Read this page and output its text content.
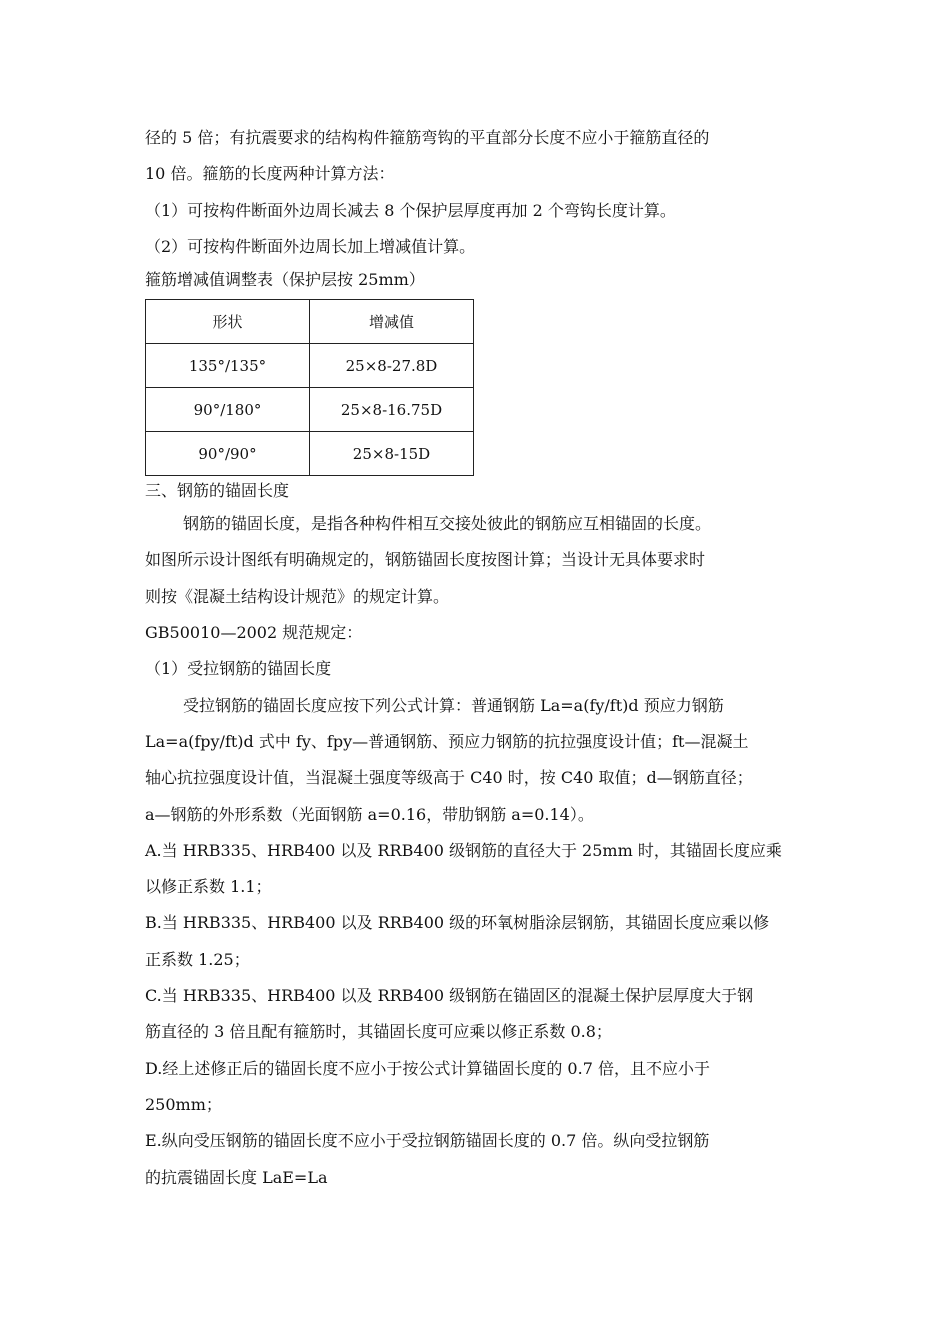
径的 5 倍；有抗震要求的结构构件箍筋弯钩的平直部分长度不应小于箍筋直径的
10 倍。箍筋的长度两种计算方法：
（1）可按构件断面外边周长减去 8 个保护层厚度再加 2 个弯钩长度计算。
（2）可按构件断面外边周长加上增减值计算。
箍筋增减值调整表（保护层按 25mm）
形状	增减值
135°/135°	25×8-27.8D
90°/180°	25×8-16.75D
90°/90°	25×8-15D
三、钢筋的锚固长度
钢筋的锚固长度，是指各种构件相互交接处彼此的钢筋应互相锚固的长度。
如图所示设计图纸有明确规定的，钢筋锚固长度按图计算；当设计无具体要求时
则按《混凝土结构设计规范》的规定计算。
GB50010—2002 规范规定：
（1）受拉钢筋的锚固长度
受拉钢筋的锚固长度应按下列公式计算：普通钢筋 La=a(fy/ft)d 预应力钢筋
La=a(fpy/ft)d 式中 fy、fpy—普通钢筋、预应力钢筋的抗拉强度设计值；ft—混凝土
轴心抗拉强度设计值，当混凝土强度等级高于 C40 时，按 C40 取值；d—钢筋直径；
a—钢筋的外形系数（光面钢筋 a=0.16，带肋钢筋 a=0.14）。
A.当 HRB335、HRB400 以及 RRB400 级钢筋的直径大于 25mm 时，其锚固长度应乘
以修正系数 1.1；
B.当 HRB335、HRB400 以及 RRB400 级的环氧树脂涂层钢筋，其锚固长度应乘以修
正系数 1.25；
C.当 HRB335、HRB400 以及 RRB400 级钢筋在锚固区的混凝土保护层厚度大于钢
筋直径的 3 倍且配有箍筋时，其锚固长度可应乘以修正系数 0.8；
D.经上述修正后的锚固长度不应小于按公式计算锚固长度的 0.7 倍，且不应小于
250mm；
E.纵向受压钢筋的锚固长度不应小于受拉钢筋锚固长度的 0.7 倍。纵向受拉钢筋
的抗震锚固长度 LaE=La
